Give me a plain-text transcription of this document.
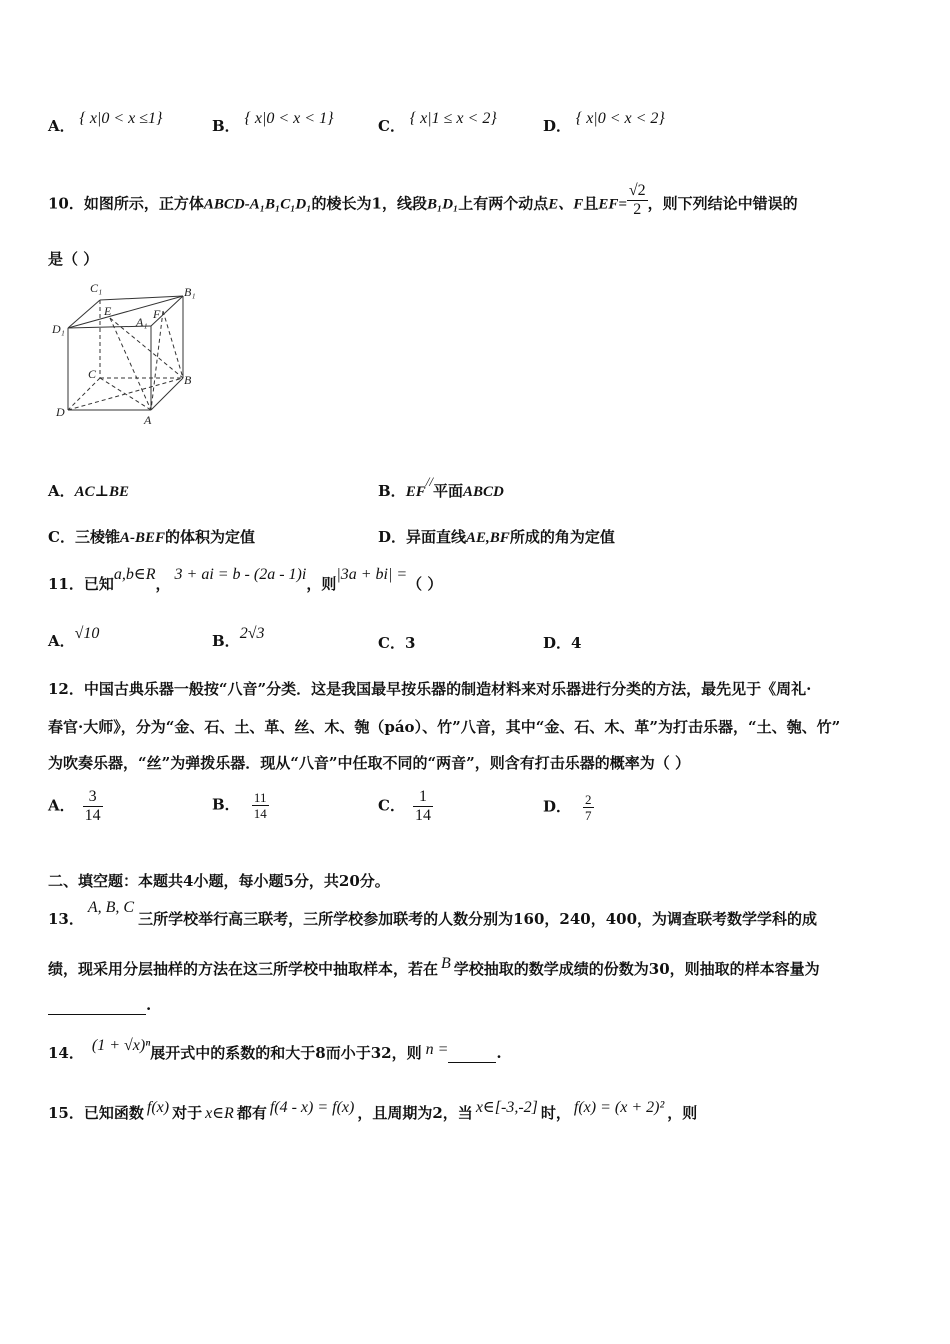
A． { x|0 < x ≤1}	B． { x|0 < x < 1}	C． { x|1 ≤ x < 2}	D． { x|0 < x < 2}
10．如图所示，正方体ABCD-A₁B₁C₁D₁的棱长为1，线段B₁D₁上有两个动点E、F且$EF= \frac{√2}{2}$ ，则下列结论中错误的
是（ ）
C₁	B₁
D₁	A₁
E	F
C	B
D
A
A．AC⊥BE	B．EF//平面ABCD
C．三棱锥A-BEF的体积为定值	D．异面直线AE,BF所成的角为定值
11．已知a,b∈R，3 + ai = b - (2a - 1)i，则|3a + bi| =（ ）
A．√10	B．2√3
C．3	D．4
12．中国古典乐器一般按“八音”分类．这是我国最早按乐器的制造材料来对乐器进行分类的方法，最先见于《周礼·
春官·大师》，分为“金、石、土、革、丝、木、匏（páo）、竹”八音，其中“金、石、木、革”为打击乐器，“土、匏、竹”
为吹奏乐器，“丝”为弹拨乐器．现从“八音”中任取不同的“两音”，则含有打击乐器的概率为（ ）
A． $\frac{3}{14}$	B． $\frac{11}{14}$	C． $\frac{1}{14}$	D． $\frac{2}{7}$
二、填空题：本题共4小题，每小题5分，共20分。
13．A, B, C三所学校举行高三联考，三所学校参加联考的人数分别为160，240，400，为调查联考数学学科的成
绩，现采用分层抽样的方法在这三所学校中抽取样本，若在 B 学校抽取的数学成绩的份数为30，则抽取的样本容量为
.
14． (1 + √x)ⁿ展开式中的系数的和大于8而小于32，则 n =	.
15．已知函数 f(x) 对于 x∈R 都有 f(4 - x) = f(x) ，且周期为2，当 x∈[-3,-2] 时， f(x) = (x + 2)² ，则
